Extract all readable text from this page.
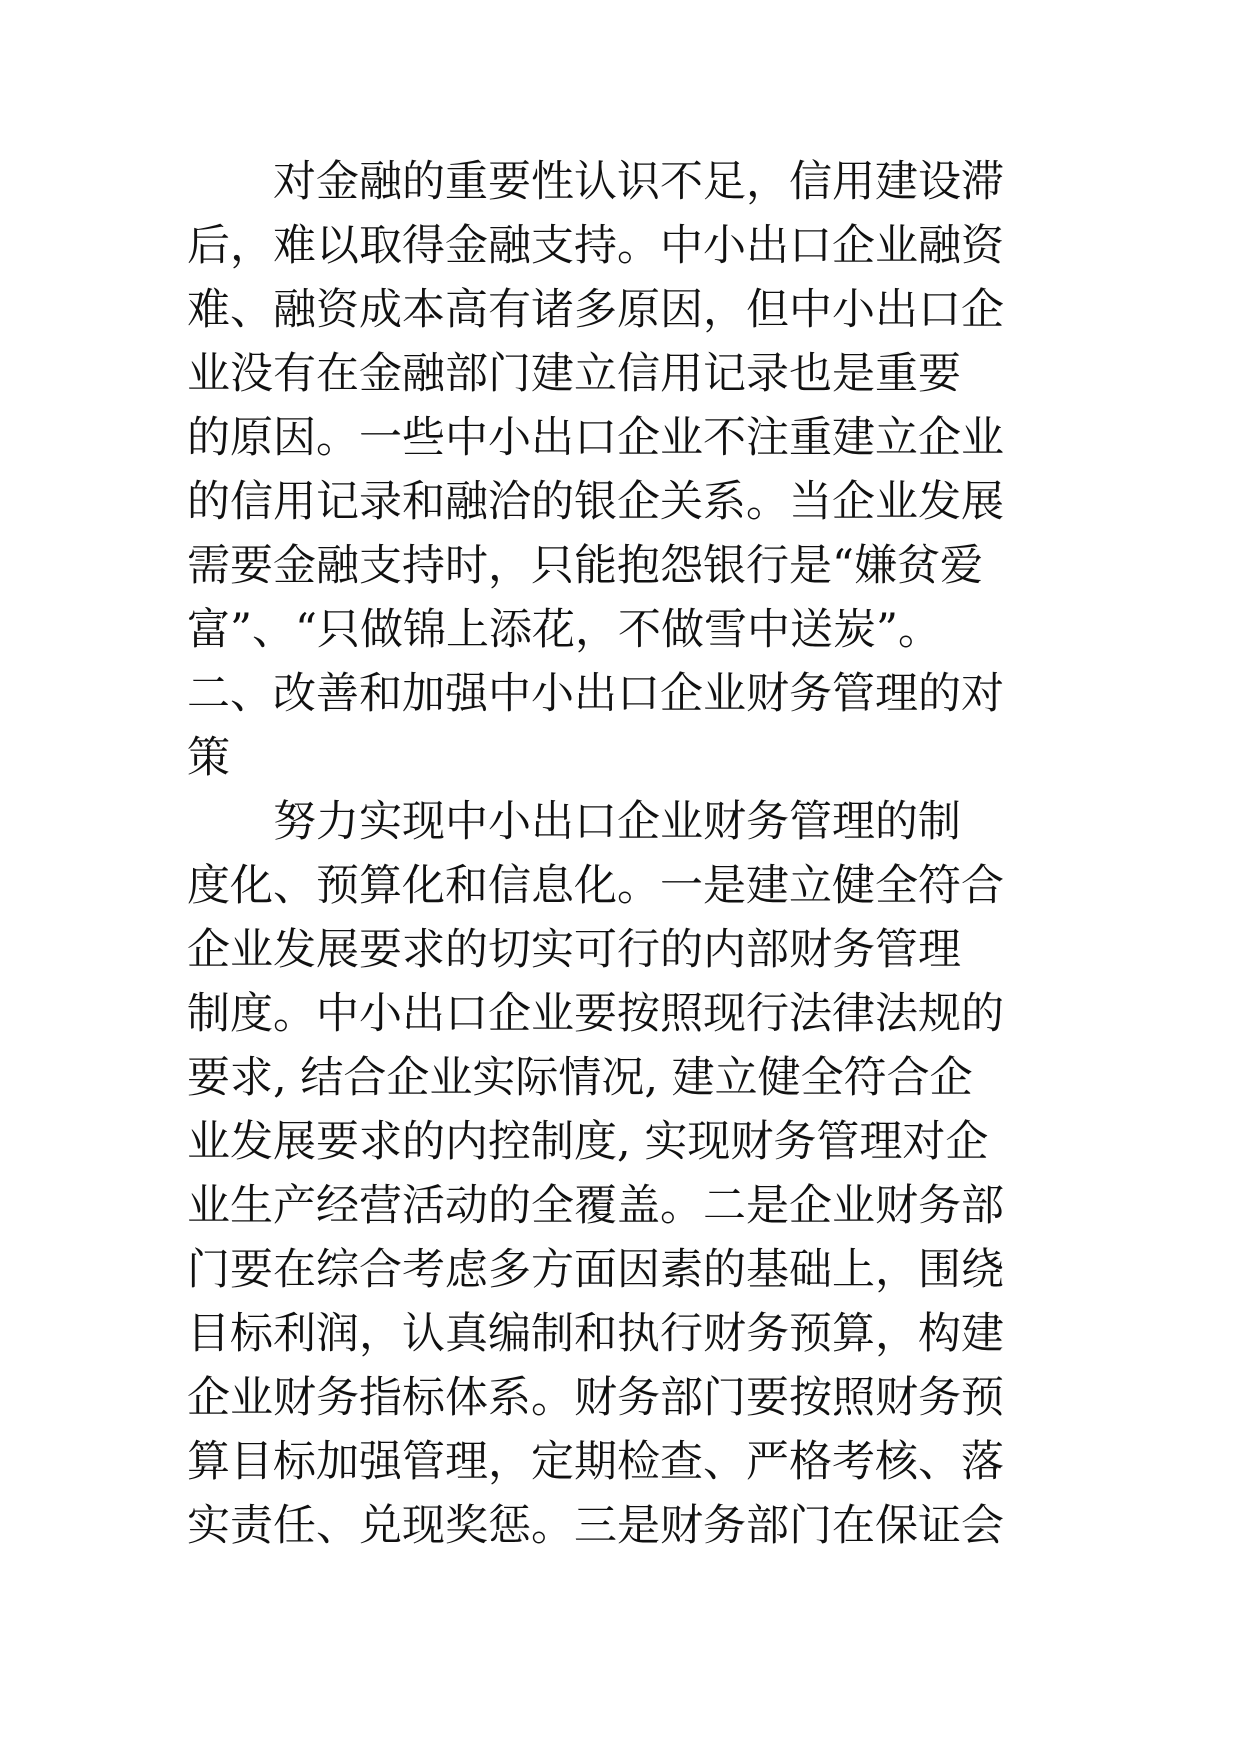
对金融的重要性认识不足，信用建设滞
后，难以取得金融支持。中小出口企业融资
难、融资成本高有诸多原因，但中小出口企
业没有在金融部门建立信用记录也是重要
的原因。一些中小出口企业不注重建立企业
的信用记录和融洽的银企关系。当企业发展
需要金融支持时，只能抱怨银行是“嫌贫爱
富”、“只做锦上添花，不做雪中送炭”。
二、改善和加强中小出口企业财务管理的对
策
努力实现中小出口企业财务管理的制
度化、预算化和信息化。一是建立健全符合
企业发展要求的切实可行的内部财务管理
制度。中小出口企业要按照现行法律法规的
要求, 结合企业实际情况, 建立健全符合企
业发展要求的内控制度, 实现财务管理对企
业生产经营活动的全覆盖。二是企业财务部
门要在综合考虑多方面因素的基础上，围绕
目标利润，认真编制和执行财务预算，构建
企业财务指标体系。财务部门要按照财务预
算目标加强管理，定期检查、严格考核、落
实责任、兑现奖惩。三是财务部门在保证会
